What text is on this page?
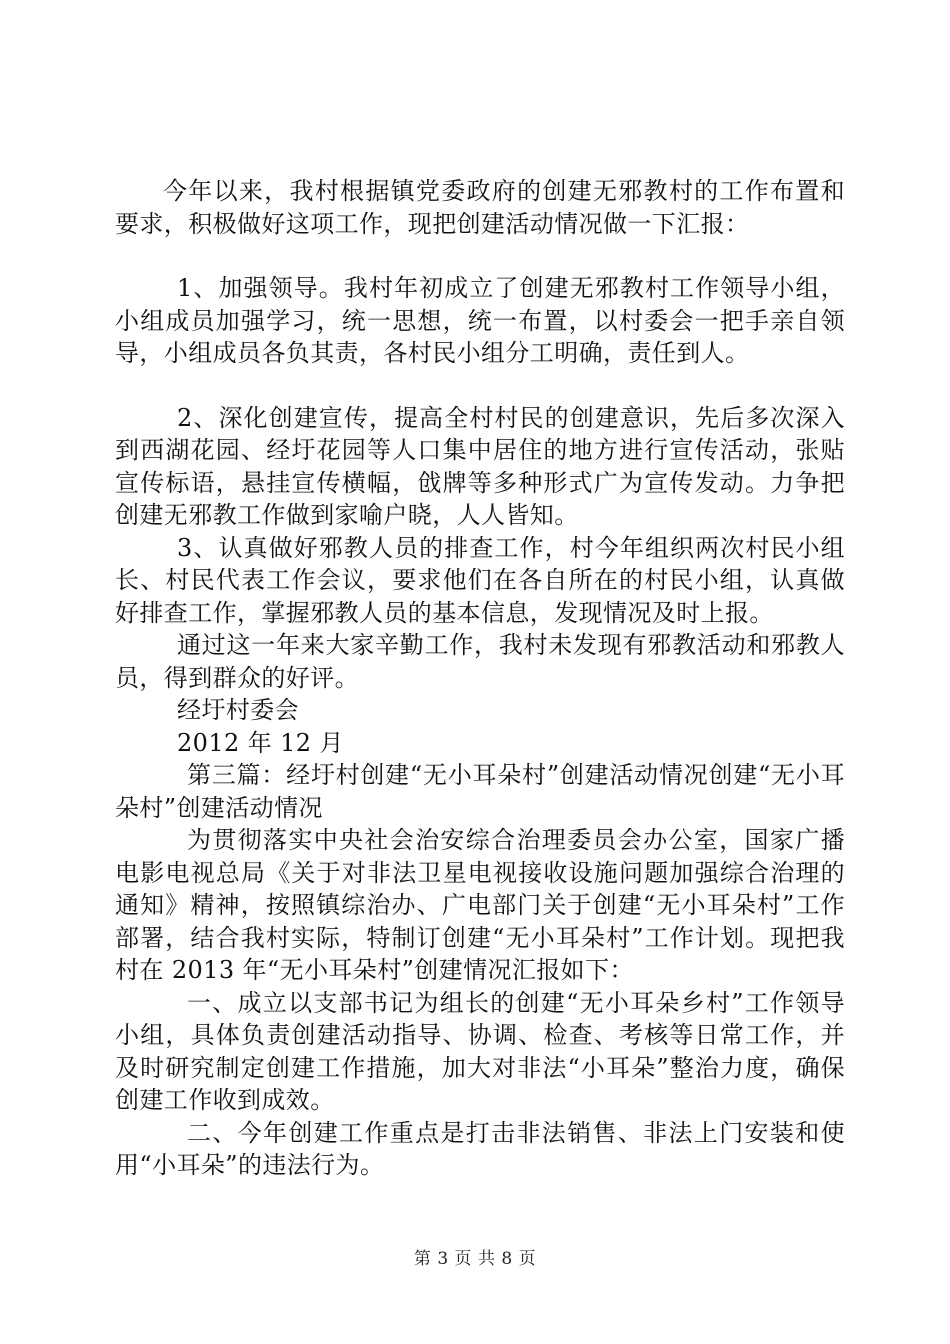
今年以来，我村根据镇党委政府的创建无邪教村的工作布置和要求，积极做好这项工作，现把创建活动情况做一下汇报：

1、加强领导。我村年初成立了创建无邪教村工作领导小组，小组成员加强学习，统一思想，统一布置，以村委会一把手亲自领导，小组成员各负其责，各村民小组分工明确，责任到人。

2、深化创建宣传，提高全村村民的创建意识，先后多次深入到西湖花园、经圩花园等人口集中居住的地方进行宣传活动，张贴宣传标语，悬挂宣传横幅，戗牌等多种形式广为宣传发动。力争把创建无邪教工作做到家喻户晓，人人皆知。

3、认真做好邪教人员的排查工作，村今年组织两次村民小组长、村民代表工作会议，要求他们在各自所在的村民小组，认真做好排查工作，掌握邪教人员的基本信息，发现情况及时上报。

通过这一年来大家辛勤工作，我村未发现有邪教活动和邪教人员，得到群众的好评。

经圩村委会

2012 年 12 月

第三篇：经圩村创建“无小耳朵村”创建活动情况创建“无小耳朵村”创建活动情况

为贯彻落实中央社会治安综合治理委员会办公室，国家广播电影电视总局《关于对非法卫星电视接收设施问题加强综合治理的通知》精神，按照镇综治办、广电部门关于创建“无小耳朵村”工作部署，结合我村实际，特制订创建“无小耳朵村”工作计划。现把我村在 2013 年“无小耳朵村”创建情况汇报如下：

一、成立以支部书记为组长的创建“无小耳朵乡村”工作领导小组，具体负责创建活动指导、协调、检查、考核等日常工作，并及时研究制定创建工作措施，加大对非法“小耳朵”整治力度，确保创建工作收到成效。

二、今年创建工作重点是打击非法销售、非法上门安装和使用“小耳朵”的违法行为。

第 3 页 共 8 页
